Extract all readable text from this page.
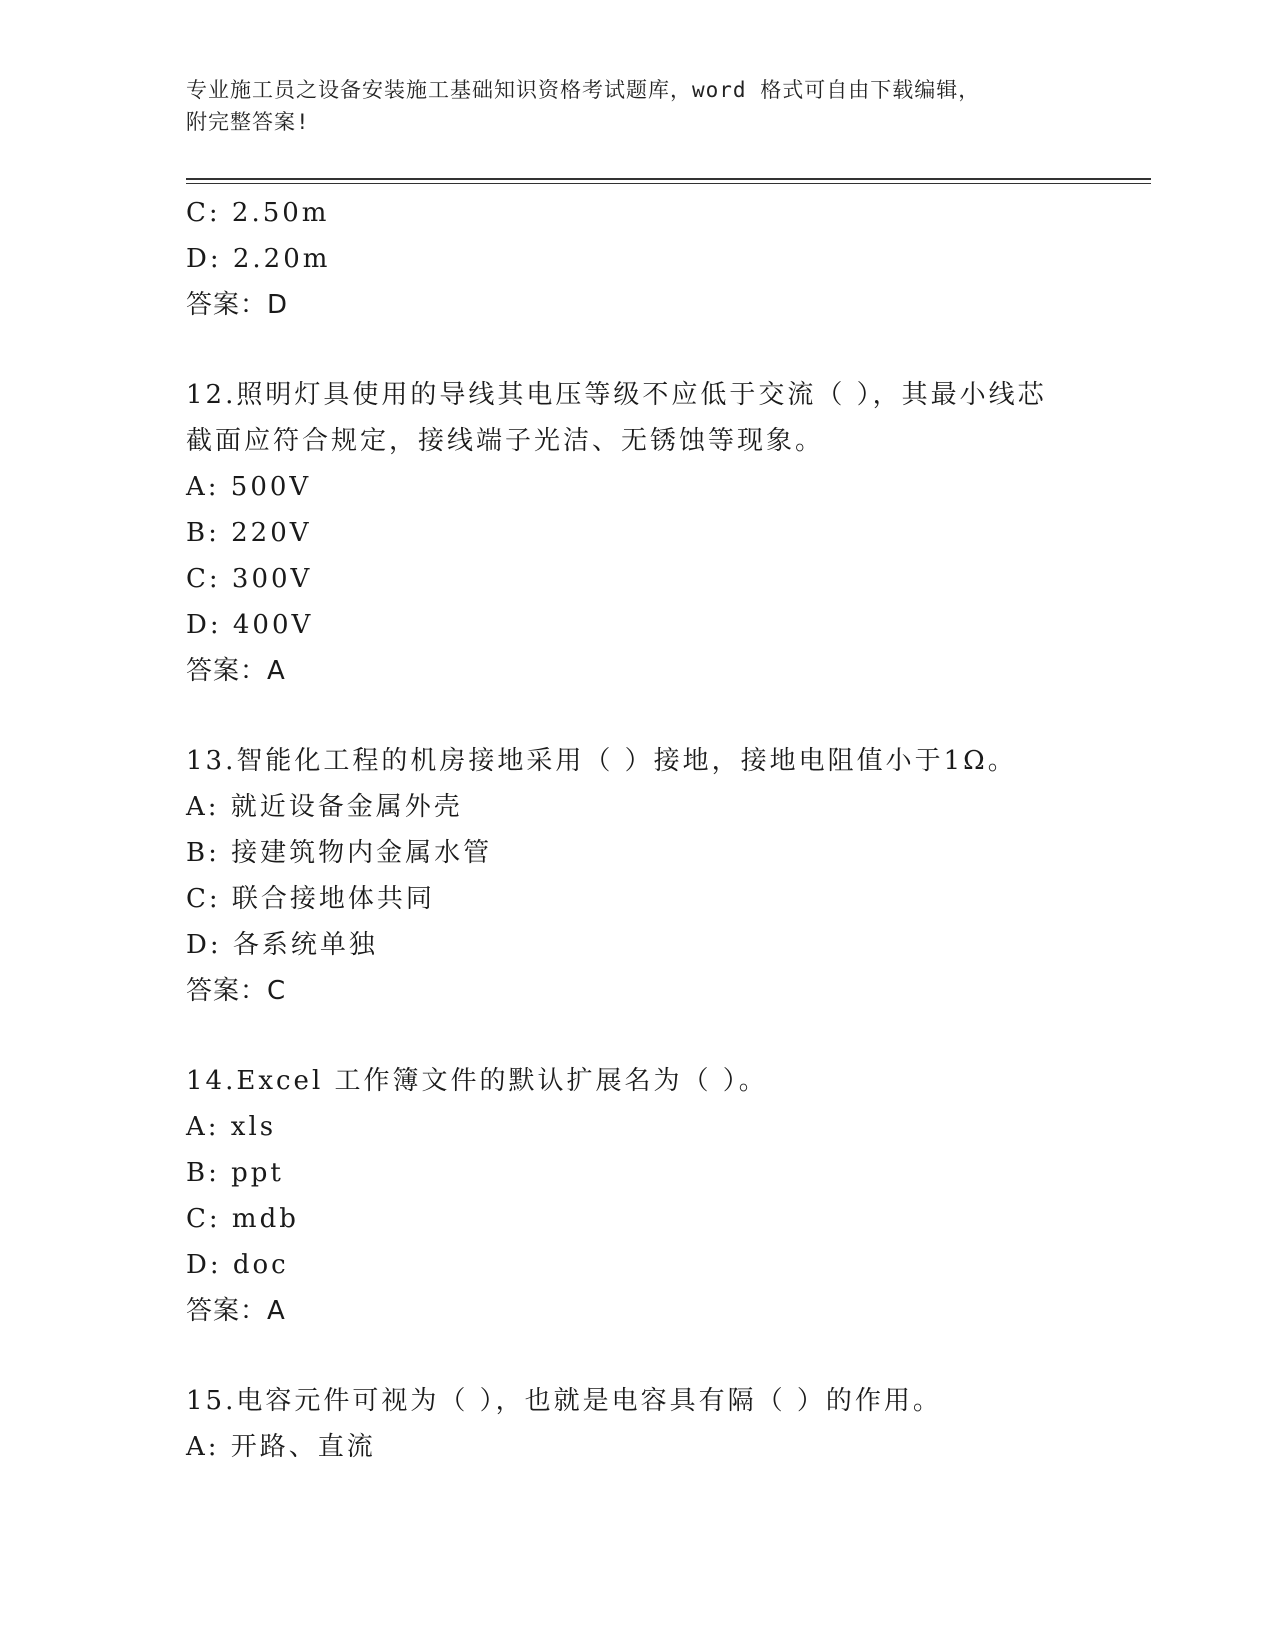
专业施工员之设备安装施工基础知识资格考试题库，word 格式可自由下载编辑，

附完整答案!

C: 2.50m
D: 2.20m
答案：D
12.照明灯具使用的导线其电压等级不应低于交流（ ），其最小线芯
截面应符合规定，接线端子光洁、无锈蚀等现象。
A: 500V
B: 220V
C: 300V
D: 400V
答案：A
13.智能化工程的机房接地采用（ ）接地，接地电阻值小于1Ω。
A: 就近设备金属外壳
B: 接建筑物内金属水管
C: 联合接地体共同
D: 各系统单独
答案：C
14.Excel 工作簿文件的默认扩展名为（ ）。
A: xls
B: ppt
C: mdb
D: doc
答案：A
15.电容元件可视为（ ），也就是电容具有隔（ ）的作用。
A: 开路、直流
